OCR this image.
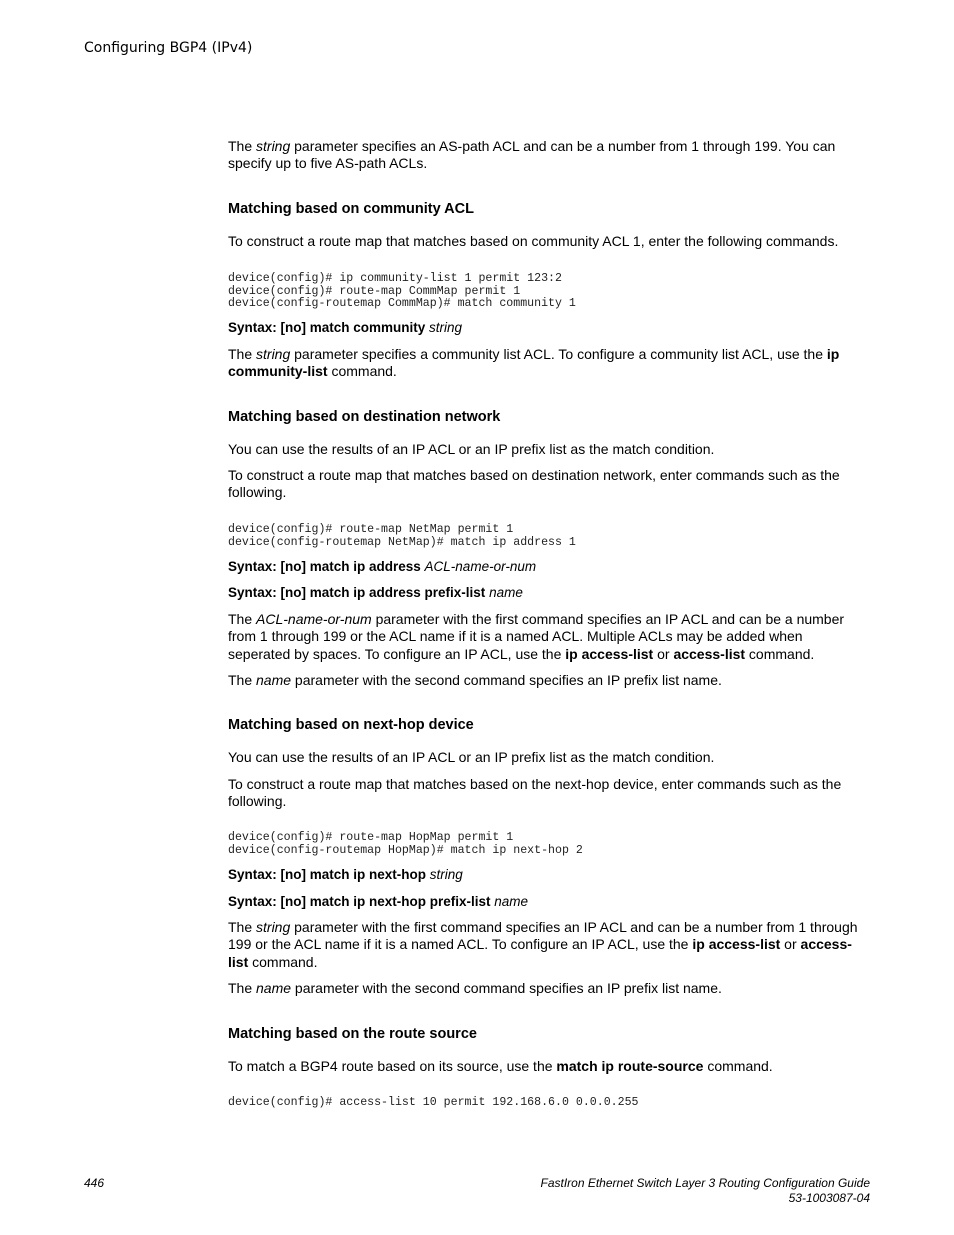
Configuring BGP4 (IPv4)

The string parameter specifies an AS-path ACL and can be a number from 1 through 199. You can specify up to five AS-path ACLs.

Matching based on community ACL

To construct a route map that matches based on community ACL 1, enter the following commands.

device(config)# ip community-list 1 permit 123:2
device(config)# route-map CommMap permit 1
device(config-routemap CommMap)# match community 1

Syntax: [no] match community string

The string parameter specifies a community list ACL. To configure a community list ACL, use the ip community-list command.

Matching based on destination network

You can use the results of an IP ACL or an IP prefix list as the match condition.

To construct a route map that matches based on destination network, enter commands such as the following.

device(config)# route-map NetMap permit 1
device(config-routemap NetMap)# match ip address 1

Syntax: [no] match ip address ACL-name-or-num

Syntax: [no] match ip address prefix-list name

The ACL-name-or-num parameter with the first command specifies an IP ACL and can be a number from 1 through 199 or the ACL name if it is a named ACL. Multiple ACLs may be added when seperated by spaces. To configure an IP ACL, use the ip access-list or access-list command.

The name parameter with the second command specifies an IP prefix list name.

Matching based on next-hop device

You can use the results of an IP ACL or an IP prefix list as the match condition.

To construct a route map that matches based on the next-hop device, enter commands such as the following.

device(config)# route-map HopMap permit 1
device(config-routemap HopMap)# match ip next-hop 2

Syntax: [no] match ip next-hop string

Syntax: [no] match ip next-hop prefix-list name

The string parameter with the first command specifies an IP ACL and can be a number from 1 through 199 or the ACL name if it is a named ACL. To configure an IP ACL, use the ip access-list or access-list command.

The name parameter with the second command specifies an IP prefix list name.

Matching based on the route source

To match a BGP4 route based on its source, use the match ip route-source command.

device(config)# access-list 10 permit 192.168.6.0 0.0.0.255
446	FastIron Ethernet Switch Layer 3 Routing Configuration Guide
53-1003087-04
